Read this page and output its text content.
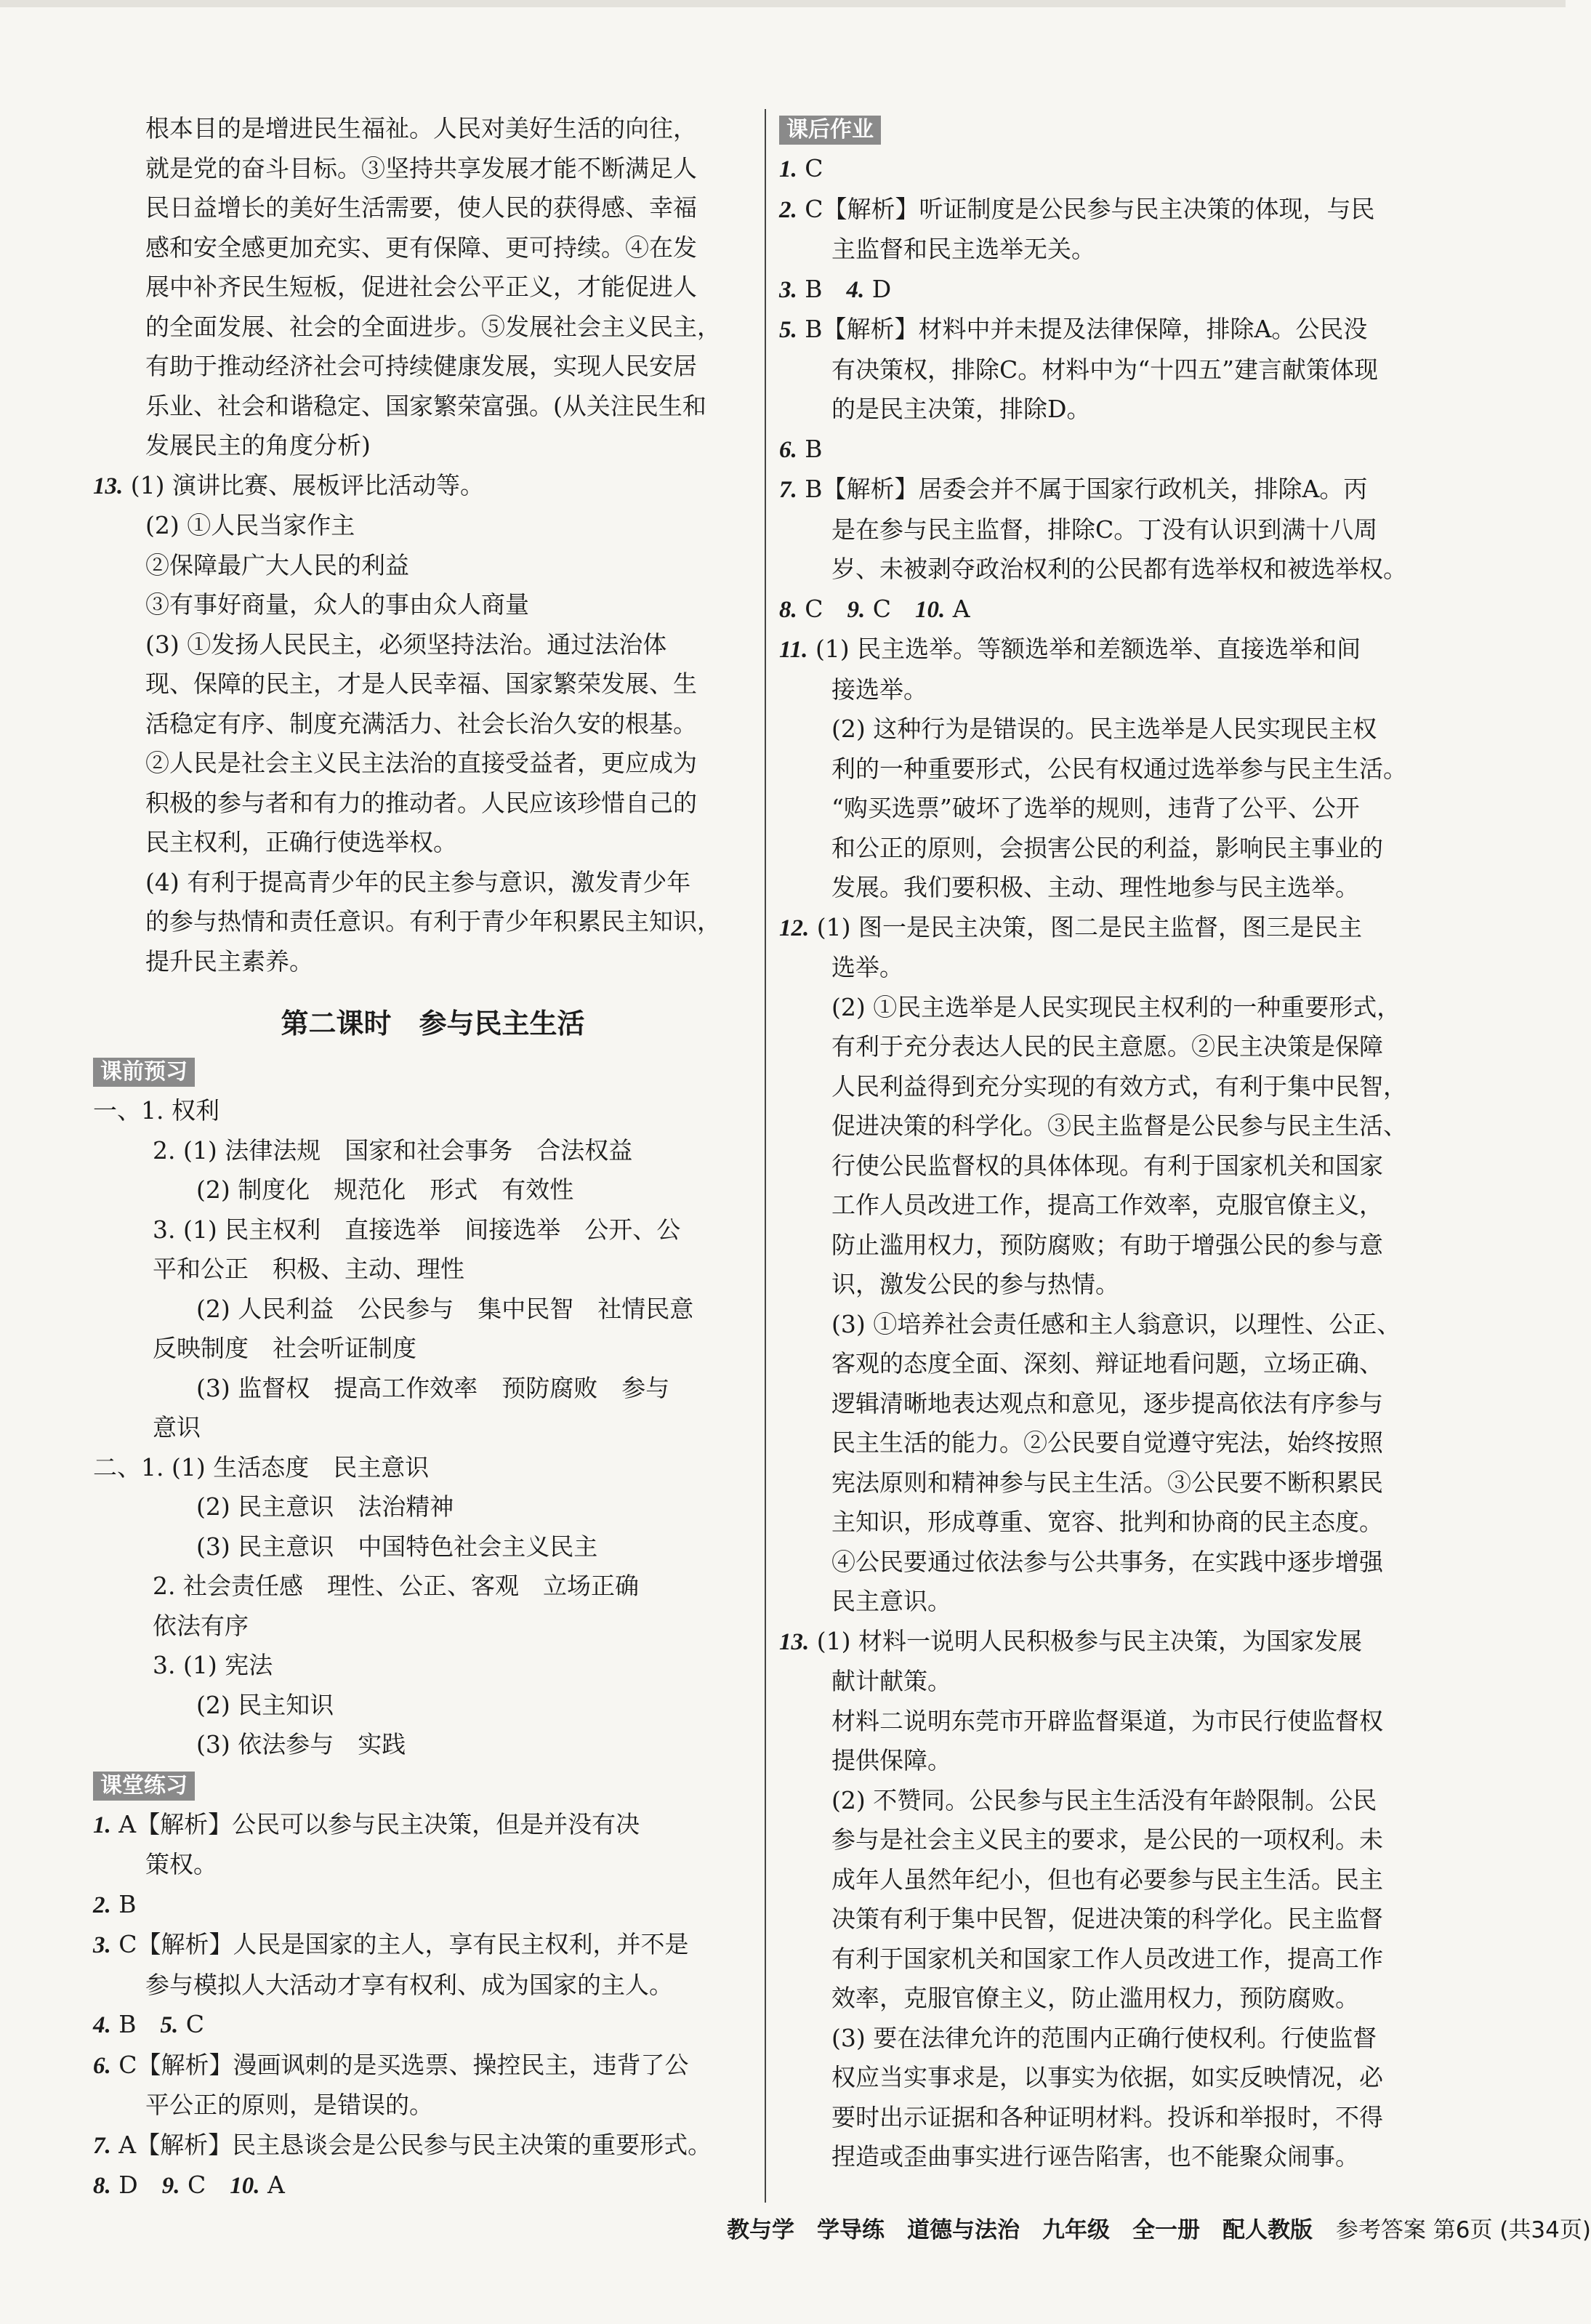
根本目的是增进民生福祉。人民对美好生活的向往，

就是党的奋斗目标。③坚持共享发展才能不断满足人

民日益增长的美好生活需要，使人民的获得感、幸福

感和安全感更加充实、更有保障、更可持续。④在发

展中补齐民生短板，促进社会公平正义，才能促进人

的全面发展、社会的全面进步。⑤发展社会主义民主，

有助于推动经济社会可持续健康发展，实现人民安居

乐业、社会和谐稳定、国家繁荣富强。(从关注民生和

发展民主的角度分析)

13. (1) 演讲比赛、展板评比活动等。

(2) ①人民当家作主

②保障最广大人民的利益

③有事好商量，众人的事由众人商量

(3) ①发扬人民民主，必须坚持法治。通过法治体

现、保障的民主，才是人民幸福、国家繁荣发展、生

活稳定有序、制度充满活力、社会长治久安的根基。

②人民是社会主义民主法治的直接受益者，更应成为

积极的参与者和有力的推动者。人民应该珍惜自己的

民主权利，正确行使选举权。

(4) 有利于提高青少年的民主参与意识，激发青少年

的参与热情和责任意识。有利于青少年积累民主知识，

提升民主素养。

第二课时　参与民主生活
课前预习

一、1. 权利

2. (1) 法律法规　国家和社会事务　合法权益

(2) 制度化　规范化　形式　有效性

3. (1) 民主权利　直接选举　间接选举　公开、公

平和公正　积极、主动、理性

(2) 人民利益　公民参与　集中民智　社情民意

反映制度　社会听证制度

(3) 监督权　提高工作效率　预防腐败　参与

意识

二、1. (1) 生活态度　民主意识

(2) 民主意识　法治精神

(3) 民主意识　中国特色社会主义民主

2. 社会责任感　理性、公正、客观　立场正确

依法有序

3. (1) 宪法

(2) 民主知识

(3) 依法参与　实践

课堂练习

1. A【解析】公民可以参与民主决策，但是并没有决

策权。

2. B

3. C【解析】人民是国家的主人，享有民主权利，并不是

参与模拟人大活动才享有权利、成为国家的主人。

4. B　5. C

6. C【解析】漫画讽刺的是买选票、操控民主，违背了公

平公正的原则，是错误的。

7. A【解析】民主恳谈会是公民参与民主决策的重要形式。

8. D　9. C　10. A

课后作业

1. C

2. C【解析】听证制度是公民参与民主决策的体现，与民

主监督和民主选举无关。

3. B　4. D

5. B【解析】材料中并未提及法律保障，排除A。公民没

有决策权，排除C。材料中为“十四五”建言献策体现

的是民主决策，排除D。

6. B

7. B【解析】居委会并不属于国家行政机关，排除A。丙

是在参与民主监督，排除C。丁没有认识到满十八周

岁、未被剥夺政治权利的公民都有选举权和被选举权。

8. C　9. C　10. A

11. (1) 民主选举。等额选举和差额选举、直接选举和间

接选举。

(2) 这种行为是错误的。民主选举是人民实现民主权

利的一种重要形式，公民有权通过选举参与民主生活。

“购买选票”破坏了选举的规则，违背了公平、公开

和公正的原则，会损害公民的利益，影响民主事业的

发展。我们要积极、主动、理性地参与民主选举。

12. (1) 图一是民主决策，图二是民主监督，图三是民主

选举。

(2) ①民主选举是人民实现民主权利的一种重要形式，

有利于充分表达人民的民主意愿。②民主决策是保障

人民利益得到充分实现的有效方式，有利于集中民智，

促进决策的科学化。③民主监督是公民参与民主生活、

行使公民监督权的具体体现。有利于国家机关和国家

工作人员改进工作，提高工作效率，克服官僚主义，

防止滥用权力，预防腐败；有助于增强公民的参与意

识，激发公民的参与热情。

(3) ①培养社会责任感和主人翁意识，以理性、公正、

客观的态度全面、深刻、辩证地看问题，立场正确、

逻辑清晰地表达观点和意见，逐步提高依法有序参与

民主生活的能力。②公民要自觉遵守宪法，始终按照

宪法原则和精神参与民主生活。③公民要不断积累民

主知识，形成尊重、宽容、批判和协商的民主态度。

④公民要通过依法参与公共事务，在实践中逐步增强

民主意识。

13. (1) 材料一说明人民积极参与民主决策，为国家发展

献计献策。

材料二说明东莞市开辟监督渠道，为市民行使监督权

提供保障。

(2) 不赞同。公民参与民主生活没有年龄限制。公民

参与是社会主义民主的要求，是公民的一项权利。未

成年人虽然年纪小，但也有必要参与民主生活。民主

决策有利于集中民智，促进决策的科学化。民主监督

有利于国家机关和国家工作人员改进工作，提高工作

效率，克服官僚主义，防止滥用权力，预防腐败。

(3) 要在法律允许的范围内正确行使权利。行使监督

权应当实事求是，以事实为依据，如实反映情况，必

要时出示证据和各种证明材料。投诉和举报时，不得

捏造或歪曲事实进行诬告陷害，也不能聚众闹事。

教与学　学导练　道德与法治　九年级　全一册　配人教版 参考答案 第6页 (共34页)
